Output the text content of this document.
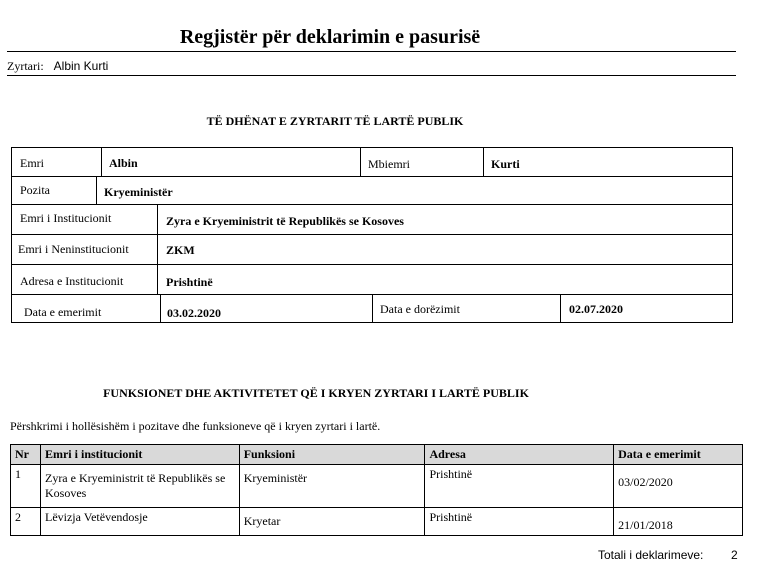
Regjistër për deklarimin e pasurisë
Zyrtari: Albin Kurti
TË DHËNAT E ZYRTARIT TË LARTË PUBLIK
Emri	Albin	Mbiemri	Kurti
Pozita	Kryeministër
Emri i Institucionit	Zyra e Kryeministrit të Republikës se Kosoves
Emri i Neninstitucionit	ZKM
Adresa e Institucionit	Prishtinë
Data e emerimit	03.02.2020	Data e dorëzimit	02.07.2020
FUNKSIONET DHE AKTIVITETET QË I KRYEN ZYRTARI I LARTË PUBLIK
Përshkrimi i hollësishëm i pozitave dhe funksioneve që i kryen zyrtari i lartë.
Nr	Emri i institucionit	Funksioni	Adresa	Data e emerimit
1	Zyra e Kryeministrit të Republikës se Kosoves	Kryeministër	Prishtinë	03/02/2020
2	Lëvizja Vetëvendosje	Kryetar	Prishtinë	21/01/2018
Totali i deklarimeve: 2
